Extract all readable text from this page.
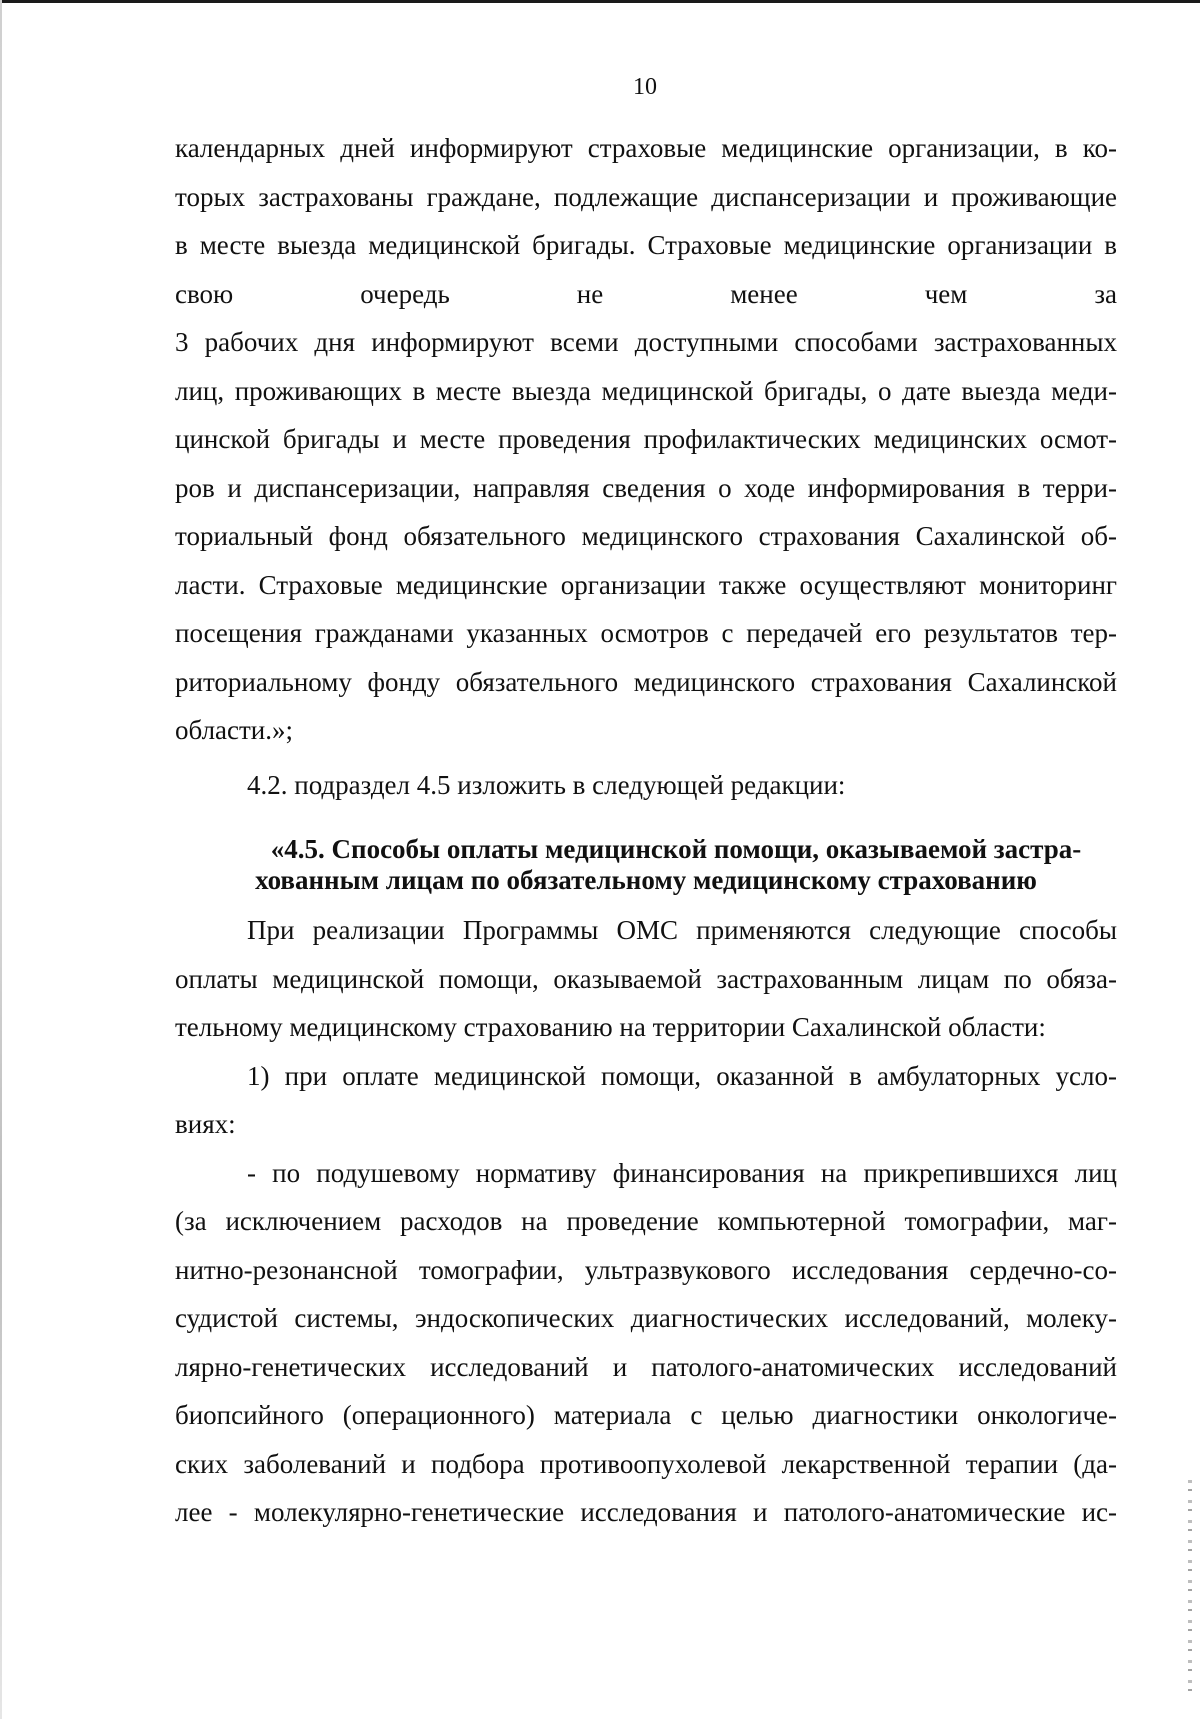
10
календарных дней информируют страховые медицинские организации, в ко-
торых застрахованы граждане, подлежащие диспансеризации и проживающие
в месте выезда медицинской бригады. Страховые медицинские организации в
свою очередь не менее чем за
3 рабочих дня информируют всеми доступными способами застрахованных
лиц, проживающих в месте выезда медицинской бригады, о дате выезда меди-
цинской бригады и месте проведения профилактических медицинских осмот-
ров и диспансеризации, направляя сведения о ходе информирования в терри-
ториальный фонд обязательного медицинского страхования Сахалинской об-
ласти. Страховые медицинские организации также осуществляют мониторинг
посещения гражданами указанных осмотров с передачей его результатов тер-
риториальному фонду обязательного медицинского страхования Сахалинской
области.»;
4.2. подраздел 4.5 изложить в следующей редакции:
«4.5. Способы оплаты медицинской помощи, оказываемой застра-
хованным лицам по обязательному медицинскому страхованию
При реализации Программы ОМС применяются следующие способы
оплаты медицинской помощи, оказываемой застрахованным лицам по обяза-
тельному медицинскому страхованию на территории Сахалинской области:
1) при оплате медицинской помощи, оказанной в амбулаторных усло-
виях:
- по подушевому нормативу финансирования на прикрепившихся лиц
(за исключением расходов на проведение компьютерной томографии, маг-
нитно-резонансной томографии, ультразвукового исследования сердечно-со-
судистой системы, эндоскопических диагностических исследований, молеку-
лярно-генетических исследований и патолого-анатомических исследований
биопсийного (операционного) материала с целью диагностики онкологиче-
ских заболеваний и подбора противоопухолевой лекарственной терапии (да-
лее - молекулярно-генетические исследования и патолого-анатомические ис-
